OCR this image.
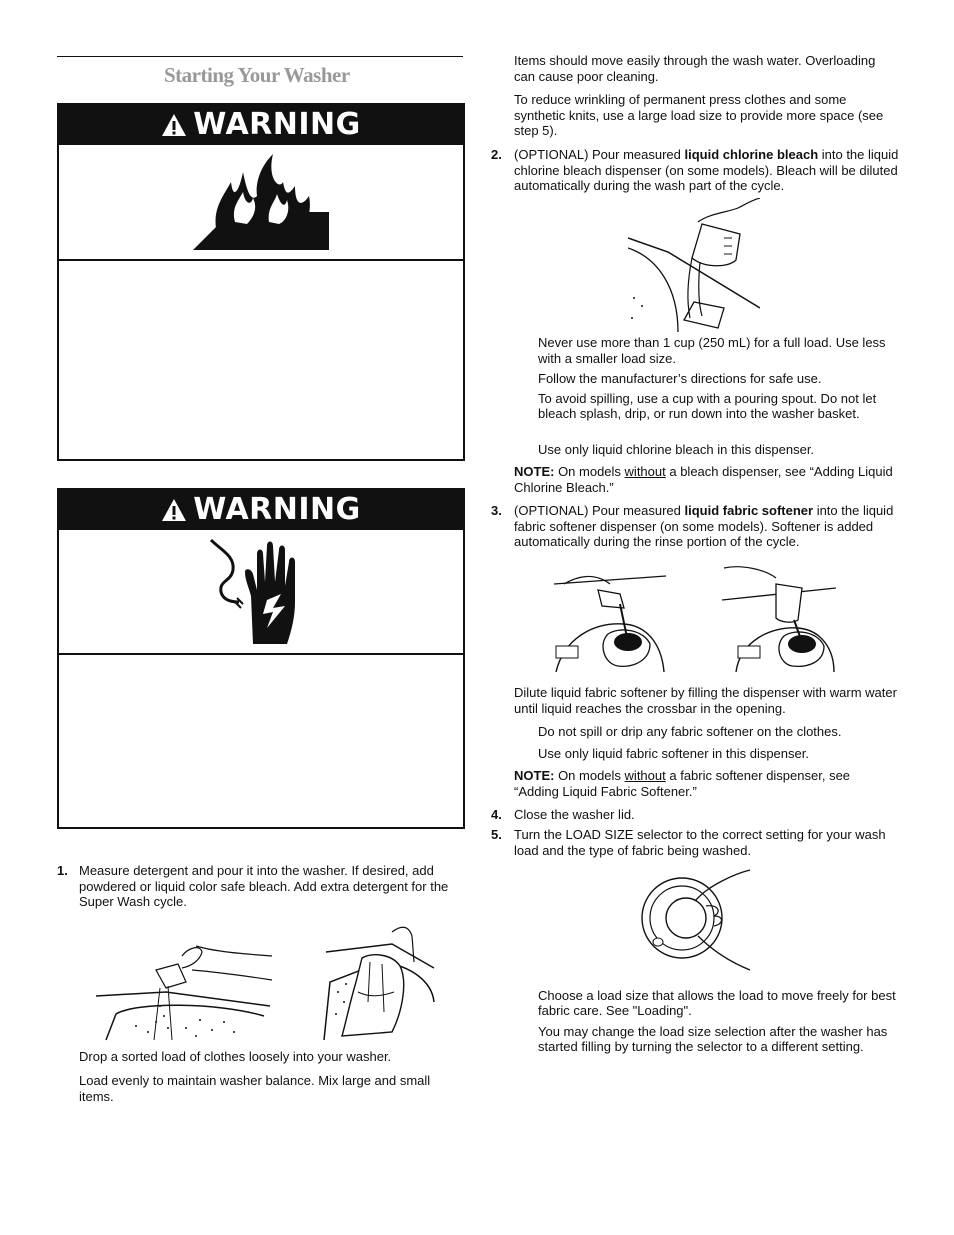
Starting Your Washer
WARNING
WARNING
1. Measure detergent and pour it into the washer. If desired, add powdered or liquid color safe bleach. Add extra detergent for the Super Wash cycle.

Drop a sorted load of clothes loosely into your washer.

Load evenly to maintain washer balance. Mix large and small items.

Items should move easily through the wash water. Overloading can cause poor cleaning.

To reduce wrinkling of permanent press clothes and some synthetic knits, use a large load size to provide more space (see step 5).

2. (OPTIONAL) Pour measured liquid chlorine bleach into the liquid chlorine bleach dispenser (on some models). Bleach will be diluted automatically during the wash part of the cycle.

Never use more than 1 cup (250 mL) for a full load. Use less with a smaller load size.

Follow the manufacturer’s directions for safe use.

To avoid spilling, use a cup with a pouring spout. Do not let bleach splash, drip, or run down into the washer basket.

Use only liquid chlorine bleach in this dispenser.

NOTE: On models without a bleach dispenser, see “Adding Liquid Chlorine Bleach.”

3. (OPTIONAL) Pour measured liquid fabric softener into the liquid fabric softener dispenser (on some models). Softener is added automatically during the rinse portion of the cycle.

Dilute liquid fabric softener by filling the dispenser with warm water until liquid reaches the crossbar in the opening.

Do not spill or drip any fabric softener on the clothes.

Use only liquid fabric softener in this dispenser.

NOTE: On models without a fabric softener dispenser, see “Adding Liquid Fabric Softener.”

4. Close the washer lid.

5. Turn the LOAD SIZE selector to the correct setting for your wash load and the type of fabric being washed.

Choose a load size that allows the load to move freely for best fabric care. See "Loading".

You may change the load size selection after the washer has started filling by turning the selector to a different setting.
